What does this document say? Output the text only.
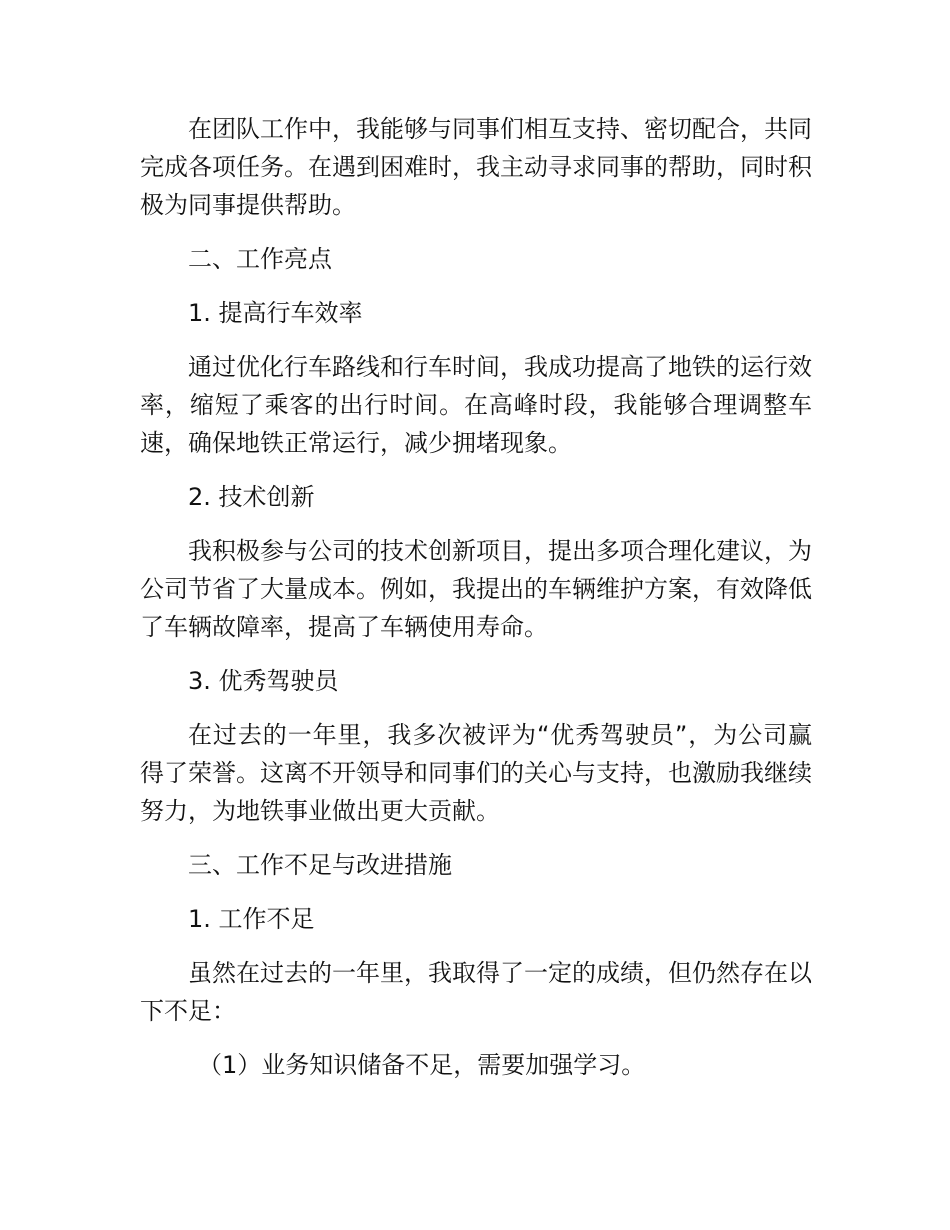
在团队工作中，我能够与同事们相互支持、密切配合，共同完成各项任务。在遇到困难时，我主动寻求同事的帮助，同时积极为同事提供帮助。

二、工作亮点

1. 提高行车效率

通过优化行车路线和行车时间，我成功提高了地铁的运行效率，缩短了乘客的出行时间。在高峰时段，我能够合理调整车速，确保地铁正常运行，减少拥堵现象。

2. 技术创新

我积极参与公司的技术创新项目，提出多项合理化建议，为公司节省了大量成本。例如，我提出的车辆维护方案，有效降低了车辆故障率，提高了车辆使用寿命。

3. 优秀驾驶员

在过去的一年里，我多次被评为“优秀驾驶员”，为公司赢得了荣誉。这离不开领导和同事们的关心与支持，也激励我继续努力，为地铁事业做出更大贡献。

三、工作不足与改进措施

1. 工作不足

虽然在过去的一年里，我取得了一定的成绩，但仍然存在以下不足：

（1）业务知识储备不足，需要加强学习。
